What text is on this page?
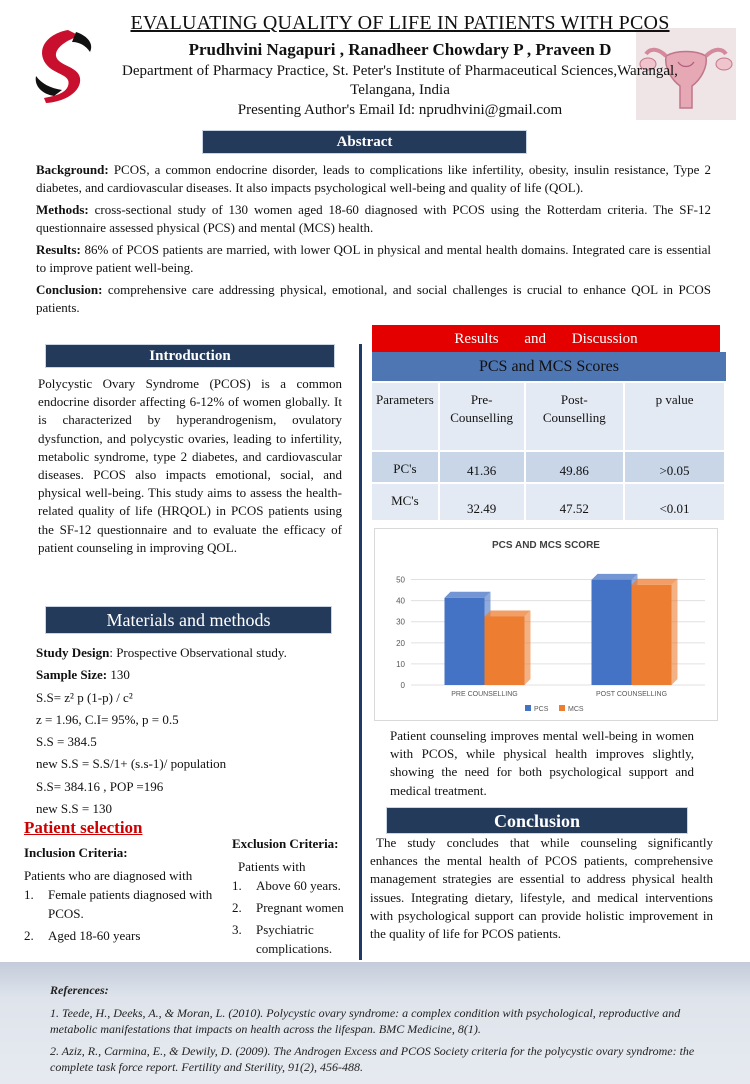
EVALUATING QUALITY OF LIFE IN PATIENTS WITH PCOS
Prudhvini Nagapuri , Ranadheer Chowdary P , Praveen D
Department of Pharmacy Practice, St. Peter's Institute of Pharmaceutical Sciences,Warangal, Telangana, India
Presenting Author's Email Id: nprudhvini@gmail.com
Abstract

Background: PCOS, a common endocrine disorder, leads to complications like infertility, obesity, insulin resistance, Type 2 diabetes, and cardiovascular diseases. It also impacts psychological well-being and quality of life (QOL).

Methods: cross-sectional study of 130 women aged 18-60 diagnosed with PCOS using the Rotterdam criteria. The SF-12 questionnaire assessed physical (PCS) and mental (MCS) health.

Results: 86% of PCOS patients are married, with lower QOL in physical and mental health domains. Integrated care is essential to improve patient well-being.

Conclusion: comprehensive care addressing physical, emotional, and social challenges is crucial to enhance QOL in PCOS patients.

Introduction
Polycystic Ovary Syndrome (PCOS) is a common endocrine disorder affecting 6-12% of women globally. It is characterized by hyperandrogenism, ovulatory dysfunction, and polycystic ovaries, leading to infertility, metabolic syndrome, type 2 diabetes, and cardiovascular diseases. PCOS also impacts emotional, social, and physical well-being. This study aims to assess the health-related quality of life (HRQOL) in PCOS patients using the SF-12 questionnaire and to evaluate the efficacy of patient counseling in improving QOL.
Materials and methods
Study Design: Prospective Observational study.
Sample Size: 130
S.S= z² p (1-p) / c²
z = 1.96, C.I= 95%, p = 0.5
S.S = 384.5
new S.S = S.S/1+ (s.s-1)/ population
S.S= 384.16 , POP =196
new S.S = 130
Patient selection
Inclusion Criteria:
Patients who are diagnosed with
1. Female patients diagnosed with PCOS.
2. Aged 18-60 years
Exclusion Criteria:
Patients with
1. Above 60 years.
2. Pregnant women
3. Psychiatric complications.
Results and Discussion
PCS and MCS Scores
Parameters	Pre-Counselling	Post-Counselling	p value
PC's	41.36	49.86	>0.05
MC's	32.49	47.52	<0.01
PCS AND MCS SCORE
0
10
20
30
40
50
PRE COUNSELLING	POST COUNSELLING
PCS	MCS
Patient counseling improves mental well-being in women with PCOS, while physical health improves slightly, showing the need for both psychological support and medical treatment.
Conclusion
The study concludes that while counseling significantly enhances the mental health of PCOS patients, comprehensive management strategies are essential to address physical health issues. Integrating dietary, lifestyle, and medical interventions with psychological support can provide holistic improvement in the quality of life for PCOS patients.
References:

1. Teede, H., Deeks, A., & Moran, L. (2010). Polycystic ovary syndrome: a complex condition with psychological, reproductive and metabolic manifestations that impacts on health across the lifespan. BMC Medicine, 8(1).

2. Aziz, R., Carmina, E., & Dewily, D. (2009). The Androgen Excess and PCOS Society criteria for the polycystic ovary syndrome: the complete task force report. Fertility and Sterility, 91(2), 456-488.
